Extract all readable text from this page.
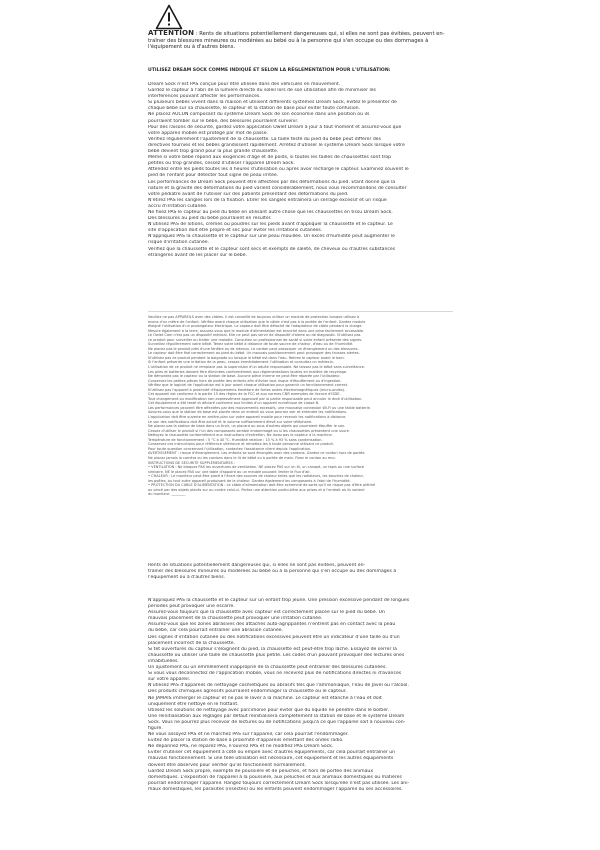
ATTENTION : Rents de situations potentiellement dangereuses qui, si elles ne sont pas évitées, peuvent en-traîner des blessures mineures ou modérées au bébé ou à la personne qui s'en occupe ou des dommages à l'équipement ou à d'autres biens.
UTILISEZ DREAM SOCK COMME INDIQUÉ ET SELON LA RÉGLEMENTATION POUR L'UTILISATION:

Dream Sock n'est PAS conçue pour être utilisée dans des véhicules en mouvement.

Gardez le capteur à l'abri de la lumière directe du soleil lors de son utilisation afin de minimiser les

interférences pouvant affecter les performances.

Si plusieurs bébés vivent dans la maison et utilisent différents systèmes Dream Sock, évitez le présenter de

chaque bébé sur sa chaussette, le capteur et la station de base pour éviter toute confusion.

Ne placez AUCUN composant du système Dream Sock de son économie dans une position où ils

pourraient tomber sur le bébé, des blessures pourraient survenir.

Pour des raisons de sécurité, gardez votre application Owlet Dream à jour à tout moment et assurez-vous que

votre appareil mobile est protégé par mot de passe.

Vérifiez régulièrement l'ajustement de la chaussette. La taille testé du pied du bébé peut différer des

directives fournies et les bébés grandissent rapidement. Arrêtez d'utiliser le système Dream Sock lorsque votre

bébé devient trop grand pour la plus grande chaussette.

Même si votre bébé répond aux exigences d'âge et de poids, si toutes les tailles de chaussettes sont trop

petites ou trop grandes, cessez d'utiliser l'appareil Dream Sock.

Attendez entre les pieds toutes les 4 heures d'utilisation ou après avoir rechargé le capteur. Examinez souvent le

pied de l'enfant pour détecter tout signe de peau irritée.

Les performances de Dream Sock peuvent être affectées par des déformations du pied. Étant donné que la

nature et la gravité des déformations du pied varient considérablement, nous vous recommandons de consulter

votre pédiatre avant de l'utiliser sur des patients présentant des déformations du pied.

N'étirez PAS les sangles lors de la fixation. Étirer les sangles entraînera un serrage excessif et un risque

accru d'irritation cutanée.

Ne fixez PAS le capteur au pied du bébé en utilisant autre chose que les chaussettes en tissu Dream Sock.

Des blessures au pied du bébé pourraient en résulter.

N'utilisez PAS de lotions, crèmes ou poudres sur les pieds avant d'appliquer la chaussette et le capteur. Le

site d'application doit être propre et sec pour éviter les irritations cutanées.

N'appliquez PAS la chaussette et le capteur sur une peau mouillée. Un excès d'humidité peut augmenter le

risque d'irritation cutanée.

Vérifiez que la chaussette et le capteur sont secs et exempts de saleté, de cheveux ou d'autres substances

étrangères avant de les placer sur le bébé.

Veuillez ne pas APPAREILS avec des câbles. Il est conseillé de toujours utiliser un module de protection lorsque utilisez à

moins d'un mètre de l'enfant. Vérifiez avant chaque utilisation que le câble n'est pas à la portée de l'enfant. Gardez module

éloigné l'utilisation d'un prolongateur électrique. Le capteur doit être détaché de l'adaptateur de câble pendant la charge.

Mesure également à la terre, assurez-vous que le module d'alimentation est branché dans une prise facilement accessible.

Le Owlet Cam n'est pas un dispositif médical. Elle ne peut pas servir de dispositif d'alerte ou de diagnostic. N'utilisez pas

ce produit pour surveiller ou traiter une maladie. Consultez un professionnel de santé si votre enfant présente des signes.

Surveillez régulièrement votre bébé. Tenez votre bébé à distance de toute source de chaleur, d'eau ou de l'humidité.

Ne placez pas le produit près d'une fenêtre ou de rideaux. Le cordon peut provoquer un étranglement ou des blessures.

Le capteur doit être fixé correctement au pied du bébé. Un mauvais positionnement peut provoquer des fausses alertes.

N'utilisez pas ce produit pendant la baignade ou lorsque le bébé est dans l'eau. Retirez le capteur avant le bain.

Si l'enfant présente une irritation de la peau, cessez immédiatement l'utilisation et consultez un médecin.

L'utilisation de ce produit ne remplace pas la supervision d'un adulte responsable. Ne laissez pas le bébé sans surveillance.

Les piles et batteries doivent être éliminées conformément aux réglementations locales en matière de recyclage.

Ne démontez pas le capteur ou la station de base. Aucune pièce interne ne peut être réparée par l'utilisateur.

Conservez les petites pièces hors de portée des enfants afin d'éviter tout risque d'étouffement ou d'ingestion.

Vérifiez que le logiciel de l'application est à jour avant chaque utilisation pour garantir un fonctionnement correct.

N'utilisez pas l'appareil à proximité d'équipements émettant de fortes ondes électromagnétiques (micro-ondes).

Cet appareil est conforme à la partie 15 des règles de la FCC et aux normes CNR exemptes de licence d'ISDE.

Tout changement ou modification non expressément approuvé par la partie responsable peut annuler le droit d'utilisation.

Cet équipement a été testé et déclaré conforme aux limites d'un appareil numérique de classe B.

Les performances peuvent être affectées par des mouvements excessifs, une mauvaise connexion Wi-Fi ou une faible batterie.

Assurez-vous que la station de base est placée dans un endroit où vous pourrez voir et entendre les notifications.

L'application doit être ouverte en arrière-plan sur votre appareil mobile pour recevoir les notifications à distance.

Le son des notifications doit être activé et le volume suffisamment élevé sur votre téléphone.

Ne placez pas la station de base dans un tiroir, un placard ou sous d'autres objets qui pourraient étouffer le son.

Cessez d'utiliser le produit si l'un des composants semble endommagé ou si les chaussettes présentent une usure.

Nettoyez la chaussette conformément aux instructions d'entretien. Ne lavez pas le capteur à la machine.

Température de fonctionnement : 5 °C à 40 °C. Humidité relative : 15 % à 93 % sans condensation.

Conservez ces instructions pour référence ultérieure et remettez-les à toute personne utilisant ce produit.

Pour toute question concernant l'utilisation, contactez l'assistance client depuis l'application.

AVERTISSEMENT : risque d'étranglement. Les enfants se sont étranglés avec des cordons. Gardez ce cordon hors de portée.

Ne placez jamais la caméra ou les cordons dans le lit de bébé ou à portée de main. Fixez le cordon au mur.

INSTRUCTIONS DE SÉCURITÉ SUPPLÉMENTAIRES :

• VENTILATION : Ne bloquez PAS les ouvertures de ventilation. NE placez PAS sur un lit, un canapé, un tapis ou une surface

similaire. NE le placez PAS sur une table d'appoint ou un meuble pouvant limiter le flux d'air.

• CHALEUR : Le moniteur peut être placé à l'écart des sources de chaleur telles que les radiateurs, les bouches de chaleur,

les poêles, ou tout autre appareil produisant de la chaleur. Gardez également les composants à l'abri de l'humidité.

• PROTECTION DU CÂBLE D'ALIMENTATION : Le câble d'alimentation doit être acheminé de sorte qu'il ne risque pas d'être piétiné

ou pincé par des objets placés sur ou contre celui-ci. Portez une attention particulière aux prises et à l'endroit où ils sortent

du moniteur. ________

Rents de situations potentiellement dangereuses qui, si elles ne sont pas évitées, peuvent en-

traîner des blessures mineures ou modérées au bébé ou à la personne qui s'en occupe ou des dommages à

l'équipement ou à d'autres biens.

N'appliquez PAS la chaussette et le capteur sur un enfant trop jeune. Une pression excessive pendant de longues

périodes peut provoquer une escarre.

Assurez-vous toujours que la chaussette avec capteur est correctement placée sur le pied du bébé. Un

mauvais placement de la chaussette peut provoquer une irritation cutanée.

Assurez-vous que les zones abrasives des attaches auto-agrippantes n'entrent pas en contact avec la peau

du bébé, car cela pourrait entraîner une abrasion cutanée.

Des signes d'irritation cutanée ou des notifications excessives peuvent être un indicateur d'une taille ou d'un

placement incorrect de la chaussette.

Si tet ouvertures du capteur s'éloignent du pied, la chaussette est peut-être trop lâche. Essayez de serrer la

chaussette ou utiliser une taille de chaussette plus petite. Les codes d'un pouvant provoquer des lectures ones

inhabituelles.

Un ajustement ou un emmêlement inapproprié de la chaussette peut entraîner des blessures cutanées.

Si vous vous déconnectez de l'application mobile, vous ne recevrez plus de notifications directes ni d'avances

sur votre appareil.

N'utilisez PAS d'appareils de nettoyage cosmétiques ou abrasifs tels que l'ammoniaque, l'eau de Javel ou l'alcool.

Des produits chimiques agressifs pourraient endommager la chaussette ou le capteur.

Ne JAMAIS immerger le capteur et ne pas le laver à la machine. Le capteur est étanche à l'eau et doit

uniquement être nettoyé en le frottant.

Utilisez les solutions de nettoyage avec parcimonie pour éviter que du liquide ne pénètre dans le boîtier.

Une réinitialisation aux réglages par défaut réinitialisera complètement la station de base et le système Dream

Sock. Vous ne pourrez plus recevoir de lectures ou de notifications jusqu'à ce que l'appareil soit à nouveau con-

figuré.

Ne vous assoyez PAS et ne marchez PAS sur l'appareil, car cela pourrait l'endommager.

Évitez de placer la station de base à proximité d'appareils émettant des ondes radio.

Ne dépannez PAS, ne réparez PAS, n'ouvrez PAS et ne modifiez PAS Dream Sock.

Éviter d'utiliser cet équipement à côté ou empilé avec d'autres équipements, car cela pourrait entraîner un

mauvais fonctionnement. Si une telle utilisation est nécessaire, cet équipement et les autres équipements

doivent être observés pour vérifier qu'ils fonctionnent normalement.

Gardez Dream Sock propre, exempte de poussière et de peluches, et hors de portée des animaux

domestiques. L'exposition de l'appareil à la poussière, aux peluches et aux animaux domestiques ou matières

pourrait endommager l'appareil. Rangez toujours correctement Dream Sock lorsqu'elle n'est pas utilisée. Les ani-

maux domestiques, les parasites (insectes) ou les enfants peuvent endommager l'appareil ou ses accessoires.
